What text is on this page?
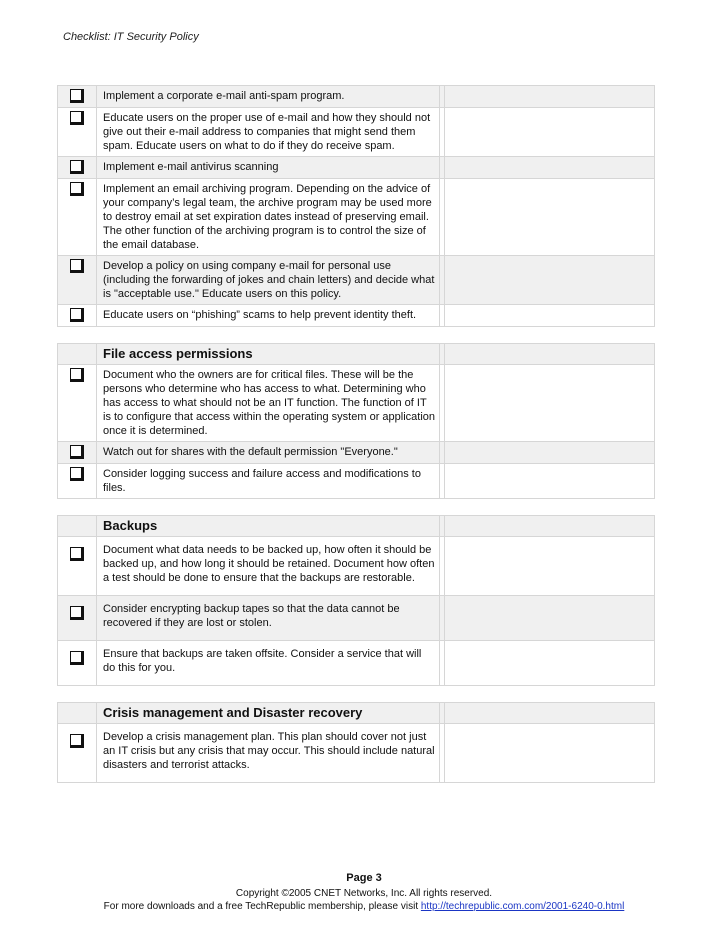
Checklist: IT Security Policy

	Implement a corporate e-mail anti-spam program.		

	Educate users on the proper use of e-mail and how they should not give out their e-mail address to companies that might send them spam. Educate users on what to do if they do receive spam.		

	Implement e-mail antivirus scanning		

	Implement an email archiving program. Depending on the advice of your company’s legal team, the archive program may be used more to destroy email at set expiration dates instead of preserving email. The other function of the archiving program is to control the size of the email database.		

	Develop a policy on using company e-mail for personal use (including the forwarding of jokes and chain letters) and decide what is "acceptable use." Educate users on this policy.		

	Educate users on “phishing” scams to help prevent identity theft.		

	File access permissions		

	Document who the owners are for critical files. These will be the persons who determine who has access to what. Determining who has access to what should not be an IT function. The function of IT is to configure that access within the operating system or application once it is determined.		

	Watch out for shares with the default permission "Everyone."		

	Consider logging success and failure access and modifications to files.		

	Backups		

	Document what data needs to be backed up, how often it should be backed up, and how long it should be retained. Document how often a test should be done to ensure that the backups are restorable.		

	Consider encrypting backup tapes so that the data cannot be recovered if they are lost or stolen.		

	Ensure that backups are taken offsite. Consider a service that will do this for you.		

	Crisis management and Disaster recovery		

	Develop a crisis management plan. This plan should cover not just an IT crisis but any crisis that may occur. This should include natural disasters and terrorist attacks.		

Page 3
Copyright ©2005 CNET Networks, Inc. All rights reserved.
For more downloads and a free TechRepublic membership, please visit http://techrepublic.com.com/2001-6240-0.html
